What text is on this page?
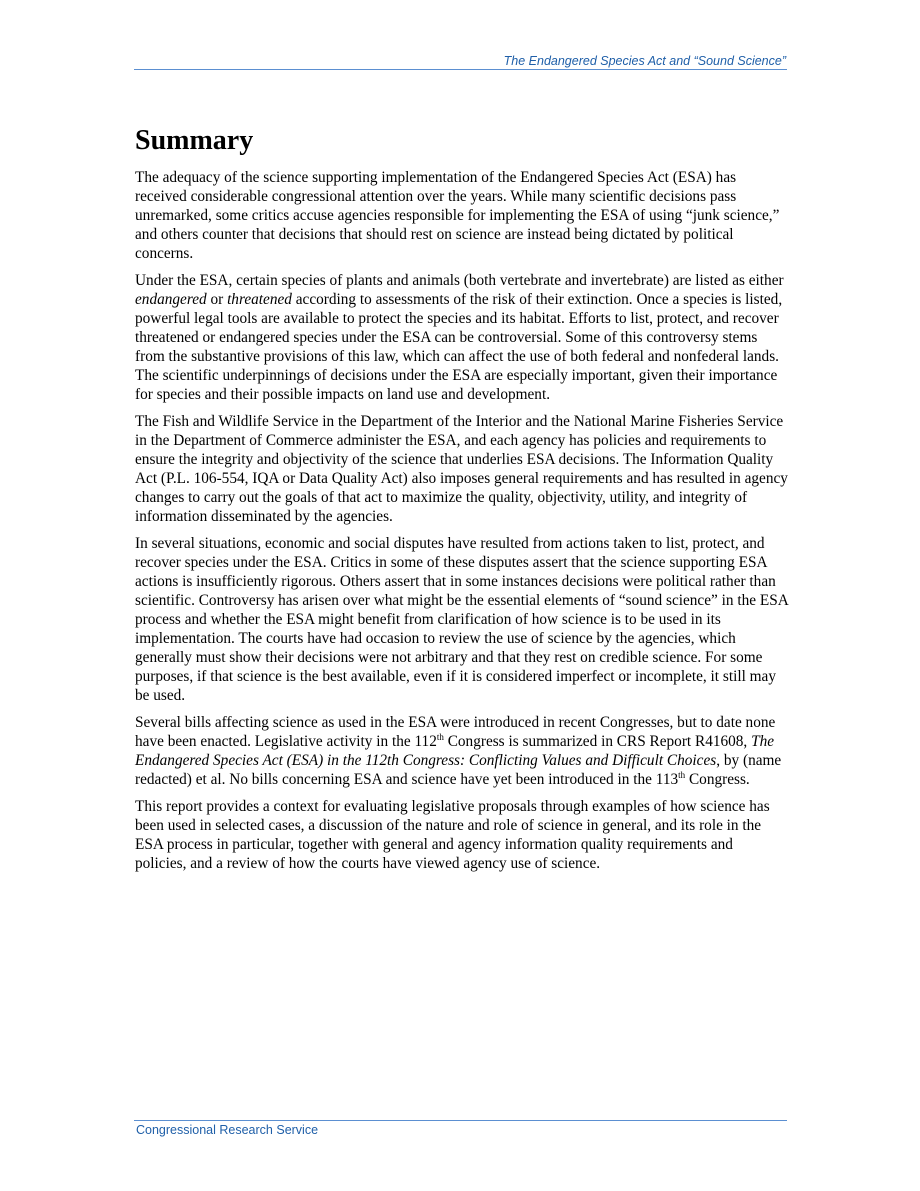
The Endangered Species Act and “Sound Science”
Summary

The adequacy of the science supporting implementation of the Endangered Species Act (ESA) has received considerable congressional attention over the years. While many scientific decisions pass unremarked, some critics accuse agencies responsible for implementing the ESA of using “junk science,” and others counter that decisions that should rest on science are instead being dictated by political concerns.

Under the ESA, certain species of plants and animals (both vertebrate and invertebrate) are listed as either endangered or threatened according to assessments of the risk of their extinction. Once a species is listed, powerful legal tools are available to protect the species and its habitat. Efforts to list, protect, and recover threatened or endangered species under the ESA can be controversial. Some of this controversy stems from the substantive provisions of this law, which can affect the use of both federal and nonfederal lands. The scientific underpinnings of decisions under the ESA are especially important, given their importance for species and their possible impacts on land use and development.

The Fish and Wildlife Service in the Department of the Interior and the National Marine Fisheries Service in the Department of Commerce administer the ESA, and each agency has policies and requirements to ensure the integrity and objectivity of the science that underlies ESA decisions. The Information Quality Act (P.L. 106-554, IQA or Data Quality Act) also imposes general requirements and has resulted in agency changes to carry out the goals of that act to maximize the quality, objectivity, utility, and integrity of information disseminated by the agencies.

In several situations, economic and social disputes have resulted from actions taken to list, protect, and recover species under the ESA. Critics in some of these disputes assert that the science supporting ESA actions is insufficiently rigorous. Others assert that in some instances decisions were political rather than scientific. Controversy has arisen over what might be the essential elements of “sound science” in the ESA process and whether the ESA might benefit from clarification of how science is to be used in its implementation. The courts have had occasion to review the use of science by the agencies, which generally must show their decisions were not arbitrary and that they rest on credible science. For some purposes, if that science is the best available, even if it is considered imperfect or incomplete, it still may be used.

Several bills affecting science as used in the ESA were introduced in recent Congresses, but to date none have been enacted. Legislative activity in the 112th Congress is summarized in CRS Report R41608, The Endangered Species Act (ESA) in the 112th Congress: Conflicting Values and Difficult Choices, by (name redacted) et al. No bills concerning ESA and science have yet been introduced in the 113th Congress.

This report provides a context for evaluating legislative proposals through examples of how science has been used in selected cases, a discussion of the nature and role of science in general, and its role in the ESA process in particular, together with general and agency information quality requirements and policies, and a review of how the courts have viewed agency use of science.

Congressional Research Service
